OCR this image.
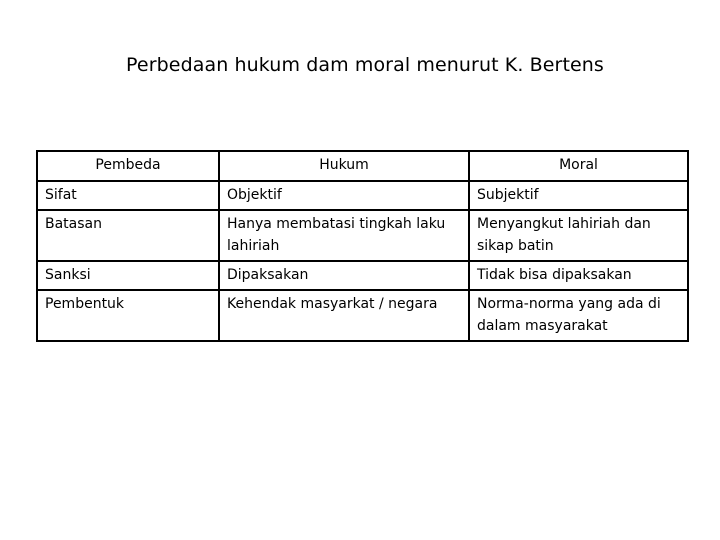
Perbedaan hukum dam moral menurut K. Bertens
Pembeda	Hukum	Moral
Sifat	Objektif	Subjektif
Batasan	Hanya membatasi tingkah laku lahiriah	Menyangkut lahiriah dan sikap batin
Sanksi	Dipaksakan	Tidak bisa dipaksakan
Pembentuk	Kehendak masyarkat / negara	Norma-norma yang ada di dalam masyarakat
